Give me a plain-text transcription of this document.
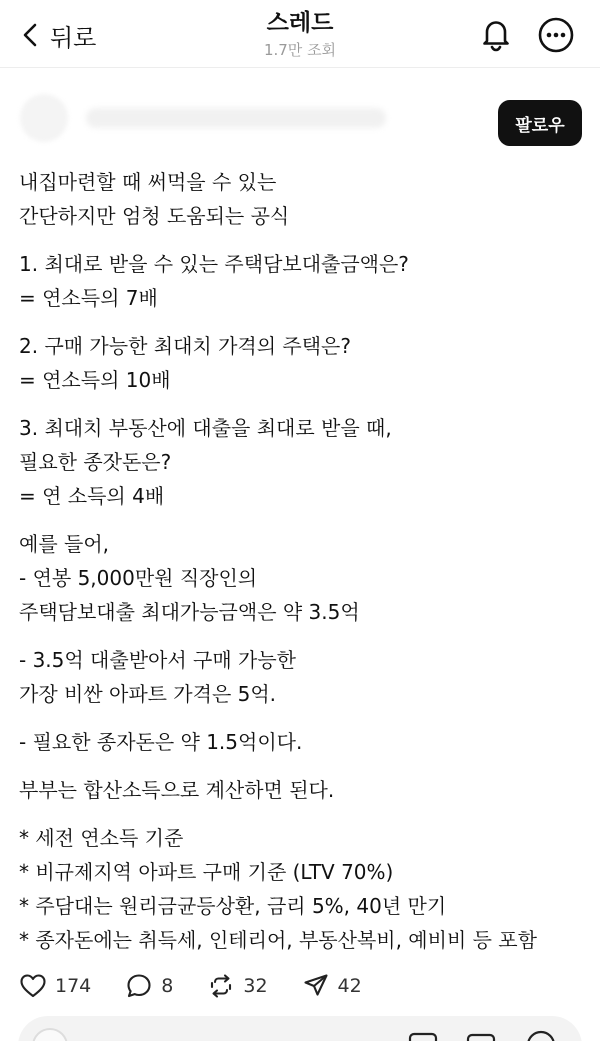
뒤로
스레드
1.7만 조회
팔로우
내집마련할 때 써먹을 수 있는
간단하지만 엄청 도움되는 공식
1. 최대로 받을 수 있는 주택담보대출금액은?
= 연소득의 7배
2. 구매 가능한 최대치 가격의 주택은?
= 연소득의 10배
3. 최대치 부동산에 대출을 최대로 받을 때,
필요한 종잣돈은?
= 연 소득의 4배
예를 들어,
- 연봉 5,000만원 직장인의
주택담보대출 최대가능금액은 약 3.5억
- 3.5억 대출받아서 구매 가능한
가장 비싼 아파트 가격은 5억.
- 필요한 종자돈은 약 1.5억이다.
부부는 합산소득으로 계산하면 된다.
* 세전 연소득 기준
* 비규제지역 아파트 구매 기준 (LTV 70%)
* 주담대는 원리금균등상환, 금리 5%, 40년 만기
* 종자돈에는 취득세, 인테리어, 부동산복비, 예비비 등 포함
174	8	32	42
